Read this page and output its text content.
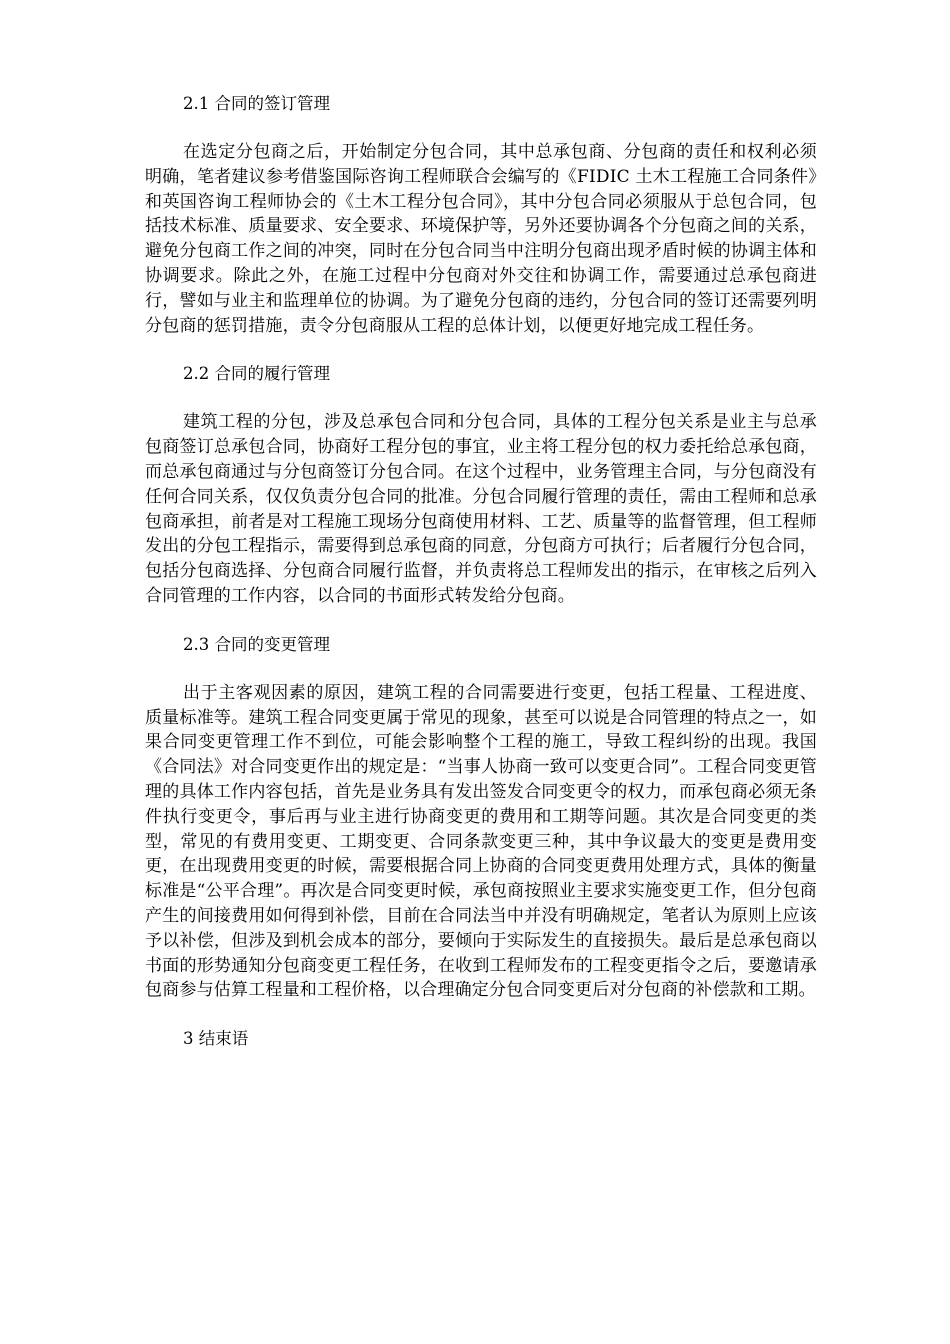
2.1 合同的签订管理
在选定分包商之后，开始制定分包合同，其中总承包商、分包商的责任和权利必须明确，笔者建议参考借鉴国际咨询工程师联合会编写的《FIDIC 土木工程施工合同条件》和英国咨询工程师协会的《土木工程分包合同》，其中分包合同必须服从于总包合同，包括技术标准、质量要求、安全要求、环境保护等，另外还要协调各个分包商之间的关系，避免分包商工作之间的冲突，同时在分包合同当中注明分包商出现矛盾时候的协调主体和协调要求。除此之外，在施工过程中分包商对外交往和协调工作，需要通过总承包商进行，譬如与业主和监理单位的协调。为了避免分包商的违约，分包合同的签订还需要列明分包商的惩罚措施，责令分包商服从工程的总体计划，以便更好地完成工程任务。
2.2 合同的履行管理
建筑工程的分包，涉及总承包合同和分包合同，具体的工程分包关系是业主与总承包商签订总承包合同，协商好工程分包的事宜，业主将工程分包的权力委托给总承包商，而总承包商通过与分包商签订分包合同。在这个过程中，业务管理主合同，与分包商没有任何合同关系，仅仅负责分包合同的批准。分包合同履行管理的责任，需由工程师和总承包商承担，前者是对工程施工现场分包商使用材料、工艺、质量等的监督管理，但工程师发出的分包工程指示，需要得到总承包商的同意，分包商方可执行；后者履行分包合同，包括分包商选择、分包商合同履行监督，并负责将总工程师发出的指示，在审核之后列入合同管理的工作内容，以合同的书面形式转发给分包商。
2.3 合同的变更管理
出于主客观因素的原因，建筑工程的合同需要进行变更，包括工程量、工程进度、质量标准等。建筑工程合同变更属于常见的现象，甚至可以说是合同管理的特点之一，如果合同变更管理工作不到位，可能会影响整个工程的施工，导致工程纠纷的出现。我国《合同法》对合同变更作出的规定是：“当事人协商一致可以变更合同”。工程合同变更管理的具体工作内容包括，首先是业务具有发出签发合同变更令的权力，而承包商必须无条件执行变更令，事后再与业主进行协商变更的费用和工期等问题。其次是合同变更的类型，常见的有费用变更、工期变更、合同条款变更三种，其中争议最大的变更是费用变更，在出现费用变更的时候，需要根据合同上协商的合同变更费用处理方式，具体的衡量标准是“公平合理”。再次是合同变更时候，承包商按照业主要求实施变更工作，但分包商产生的间接费用如何得到补偿，目前在合同法当中并没有明确规定，笔者认为原则上应该予以补偿，但涉及到机会成本的部分，要倾向于实际发生的直接损失。最后是总承包商以书面的形势通知分包商变更工程任务，在收到工程师发布的工程变更指令之后，要邀请承包商参与估算工程量和工程价格，以合理确定分包合同变更后对分包商的补偿款和工期。
3 结束语
